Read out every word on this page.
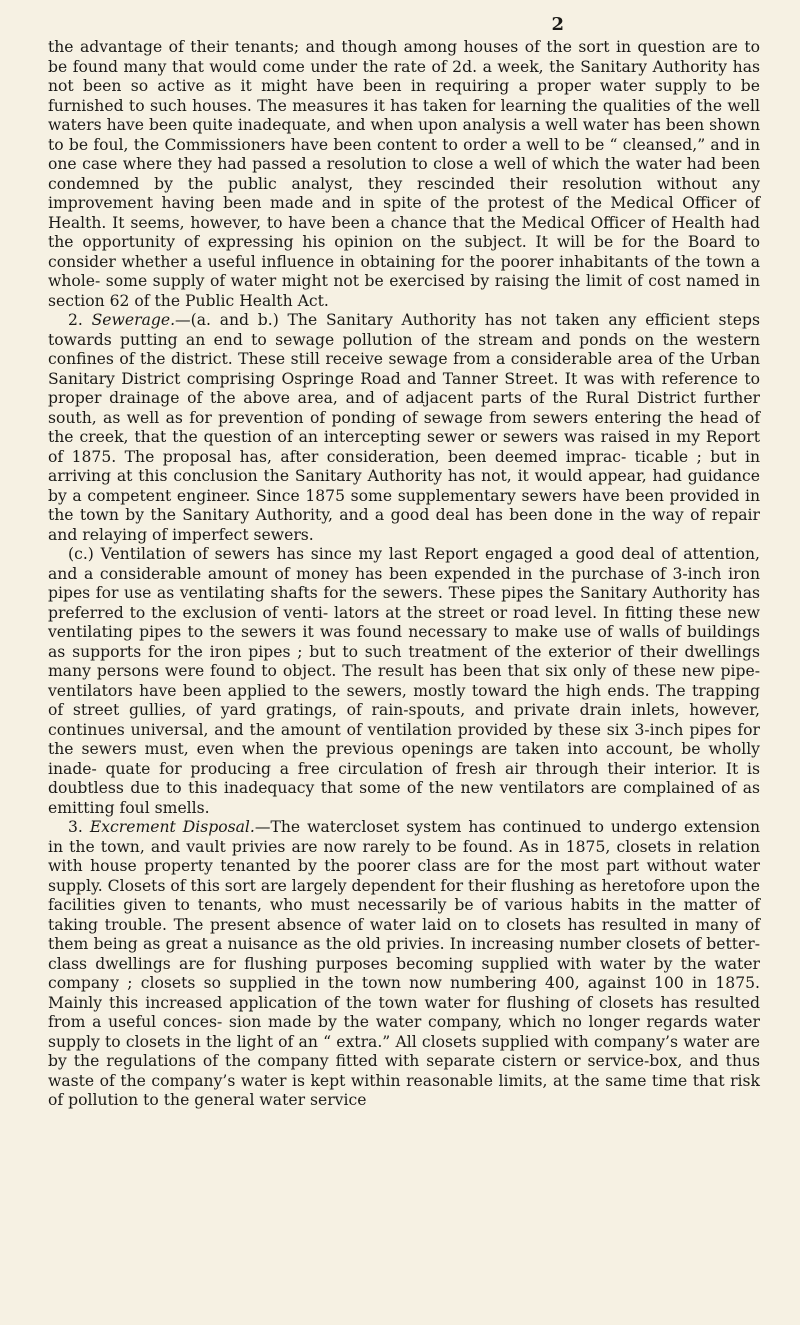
2

the advantage of their tenants; and though among houses of the sort in question are to be found many that would come under the rate of 2d. a week, the Sanitary Authority has not been so active as it might have been in requiring a proper water supply to be furnished to such houses. The measures it has taken for learning the qualities of the well waters have been quite inadequate, and when upon analysis a well water has been shown to be foul, the Commissioners have been content to order a well to be “ cleansed,” and in one case where they had passed a resolution to close a well of which the water had been condemned by the public analyst, they rescinded their resolution without any improvement having been made and in spite of the protest of the Medical Officer of Health. It seems, however, to have been a chance that the Medical Officer of Health had the opportunity of expressing his opinion on the subject. It will be for the Board to consider whether a useful influence in obtaining for the poorer inhabitants of the town a whole- some supply of water might not be exercised by raising the limit of cost named in section 62 of the Public Health Act.

2. Sewerage.—(a. and b.) The Sanitary Authority has not taken any efficient steps towards putting an end to sewage pollution of the stream and ponds on the western confines of the district. These still receive sewage from a considerable area of the Urban Sanitary District comprising Ospringe Road and Tanner Street. It was with reference to proper drainage of the above area, and of adjacent parts of the Rural District further south, as well as for prevention of ponding of sewage from sewers entering the head of the creek, that the question of an intercepting sewer or sewers was raised in my Report of 1875. The proposal has, after consideration, been deemed imprac- ticable ; but in arriving at this conclusion the Sanitary Authority has not, it would appear, had guidance by a competent engineer. Since 1875 some supplementary sewers have been provided in the town by the Sanitary Authority, and a good deal has been done in the way of repair and relaying of imperfect sewers.

(c.) Ventilation of sewers has since my last Report engaged a good deal of attention, and a considerable amount of money has been expended in the purchase of 3-inch iron pipes for use as ventilating shafts for the sewers. These pipes the Sanitary Authority has preferred to the exclusion of venti- lators at the street or road level. In fitting these new ventilating pipes to the sewers it was found necessary to make use of walls of buildings as supports for the iron pipes ; but to such treatment of the exterior of their dwellings many persons were found to object. The result has been that six only of these new pipe-ventilators have been applied to the sewers, mostly toward the high ends. The trapping of street gullies, of yard gratings, of rain-spouts, and private drain inlets, however, continues universal, and the amount of ventilation provided by these six 3-inch pipes for the sewers must, even when the previous openings are taken into account, be wholly inade- quate for producing a free circulation of fresh air through their interior. It is doubtless due to this inadequacy that some of the new ventilators are complained of as emitting foul smells.

3. Excrement Disposal.—The watercloset system has continued to undergo extension in the town, and vault privies are now rarely to be found. As in 1875, closets in relation with house property tenanted by the poorer class are for the most part without water supply. Closets of this sort are largely dependent for their flushing as heretofore upon the facilities given to tenants, who must necessarily be of various habits in the matter of taking trouble. The present absence of water laid on to closets has resulted in many of them being as great a nuisance as the old privies. In increasing number closets of better-class dwellings are for flushing purposes becoming supplied with water by the water company ; closets so supplied in the town now numbering 400, against 100 in 1875. Mainly this increased application of the town water for flushing of closets has resulted from a useful conces- sion made by the water company, which no longer regards water supply to closets in the light of an “ extra.” All closets supplied with company’s water are by the regulations of the company fitted with separate cistern or service-box, and thus waste of the company’s water is kept within reasonable limits, at the same time that risk of pollution to the general water service
